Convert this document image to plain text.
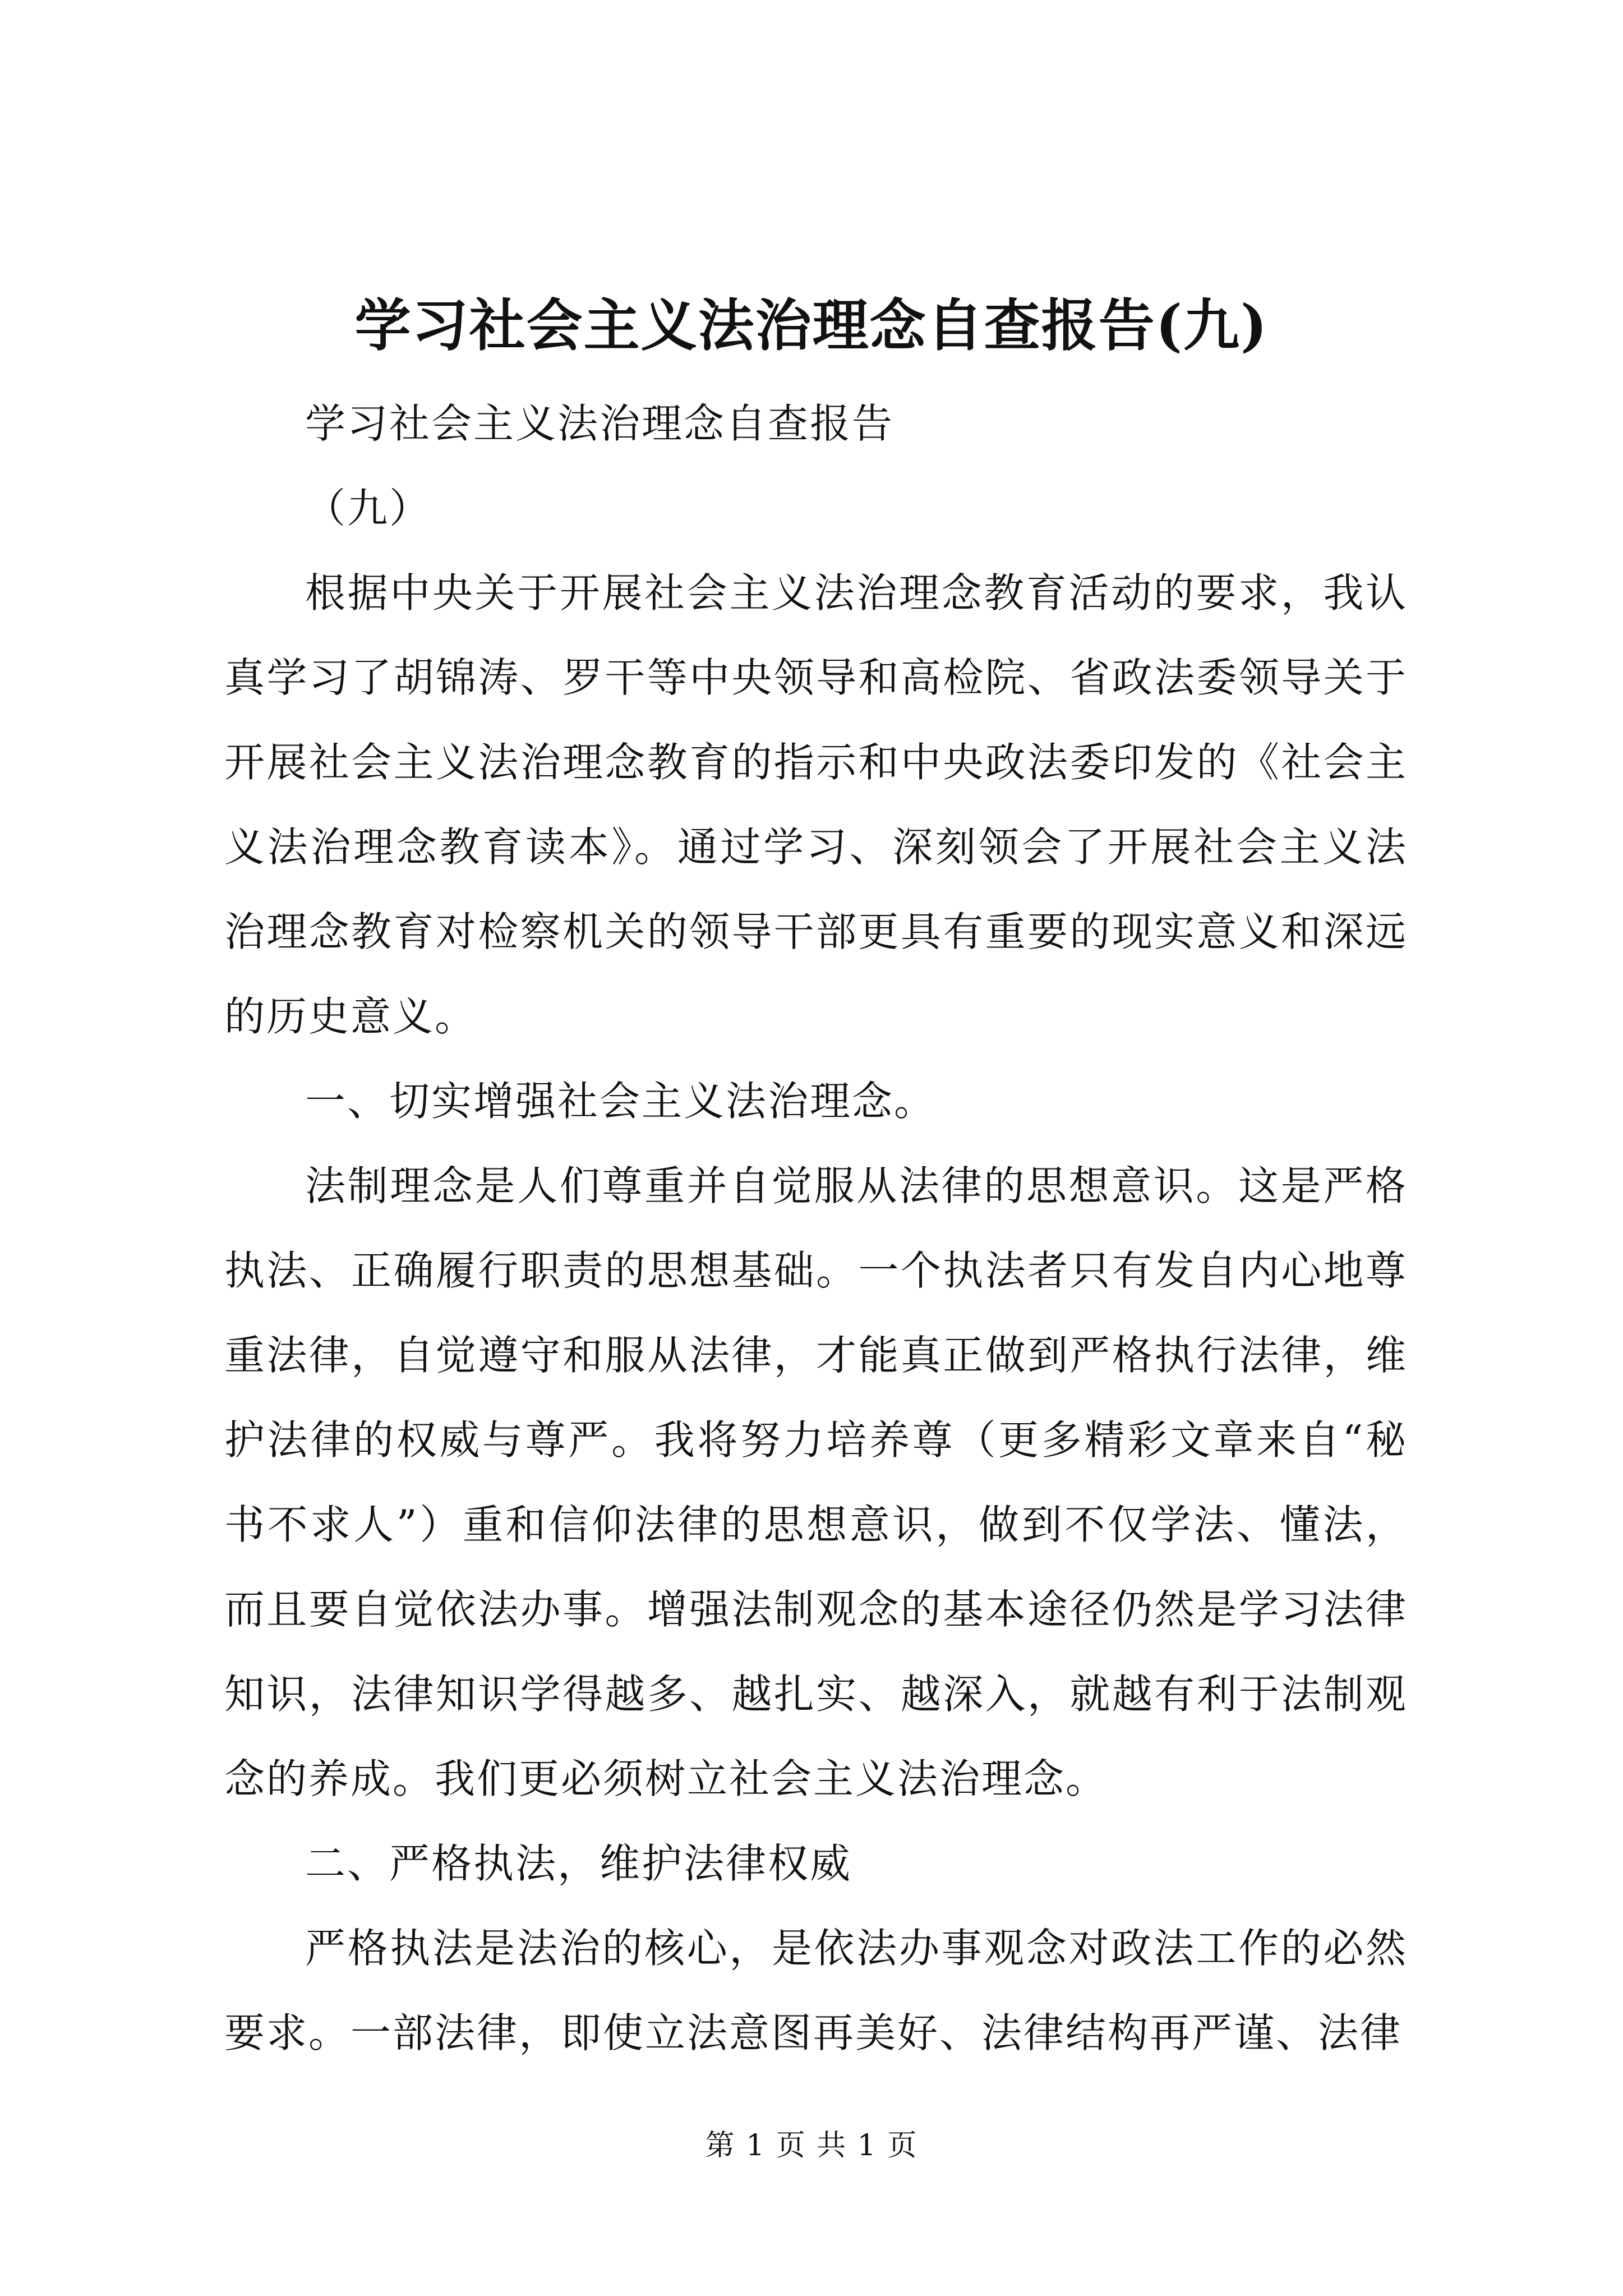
学习社会主义法治理念自查报告(九)

学习社会主义法治理念自查报告

（九）

根据中央关于开展社会主义法治理念教育活动的要求，我认真学习了胡锦涛、罗干等中央领导和高检院、省政法委领导关于开展社会主义法治理念教育的指示和中央政法委印发的《社会主义法治理念教育读本》。通过学习、深刻领会了开展社会主义法治理念教育对检察机关的领导干部更具有重要的现实意义和深远的历史意义。

一、切实增强社会主义法治理念。

法制理念是人们尊重并自觉服从法律的思想意识。这是严格执法、正确履行职责的思想基础。一个执法者只有发自内心地尊重法律，自觉遵守和服从法律，才能真正做到严格执行法律，维护法律的权威与尊严。我将努力培养尊（更多精彩文章来自“秘书不求人”）重和信仰法律的思想意识，做到不仅学法、懂法，而且要自觉依法办事。增强法制观念的基本途径仍然是学习法律知识，法律知识学得越多、越扎实、越深入，就越有利于法制观念的养成。我们更必须树立社会主义法治理念。

二、严格执法，维护法律权威

严格执法是法治的核心，是依法办事观念对政法工作的必然要求。一部法律，即使立法意图再美好、法律结构再严谨、法律

第 1 页 共 1 页
